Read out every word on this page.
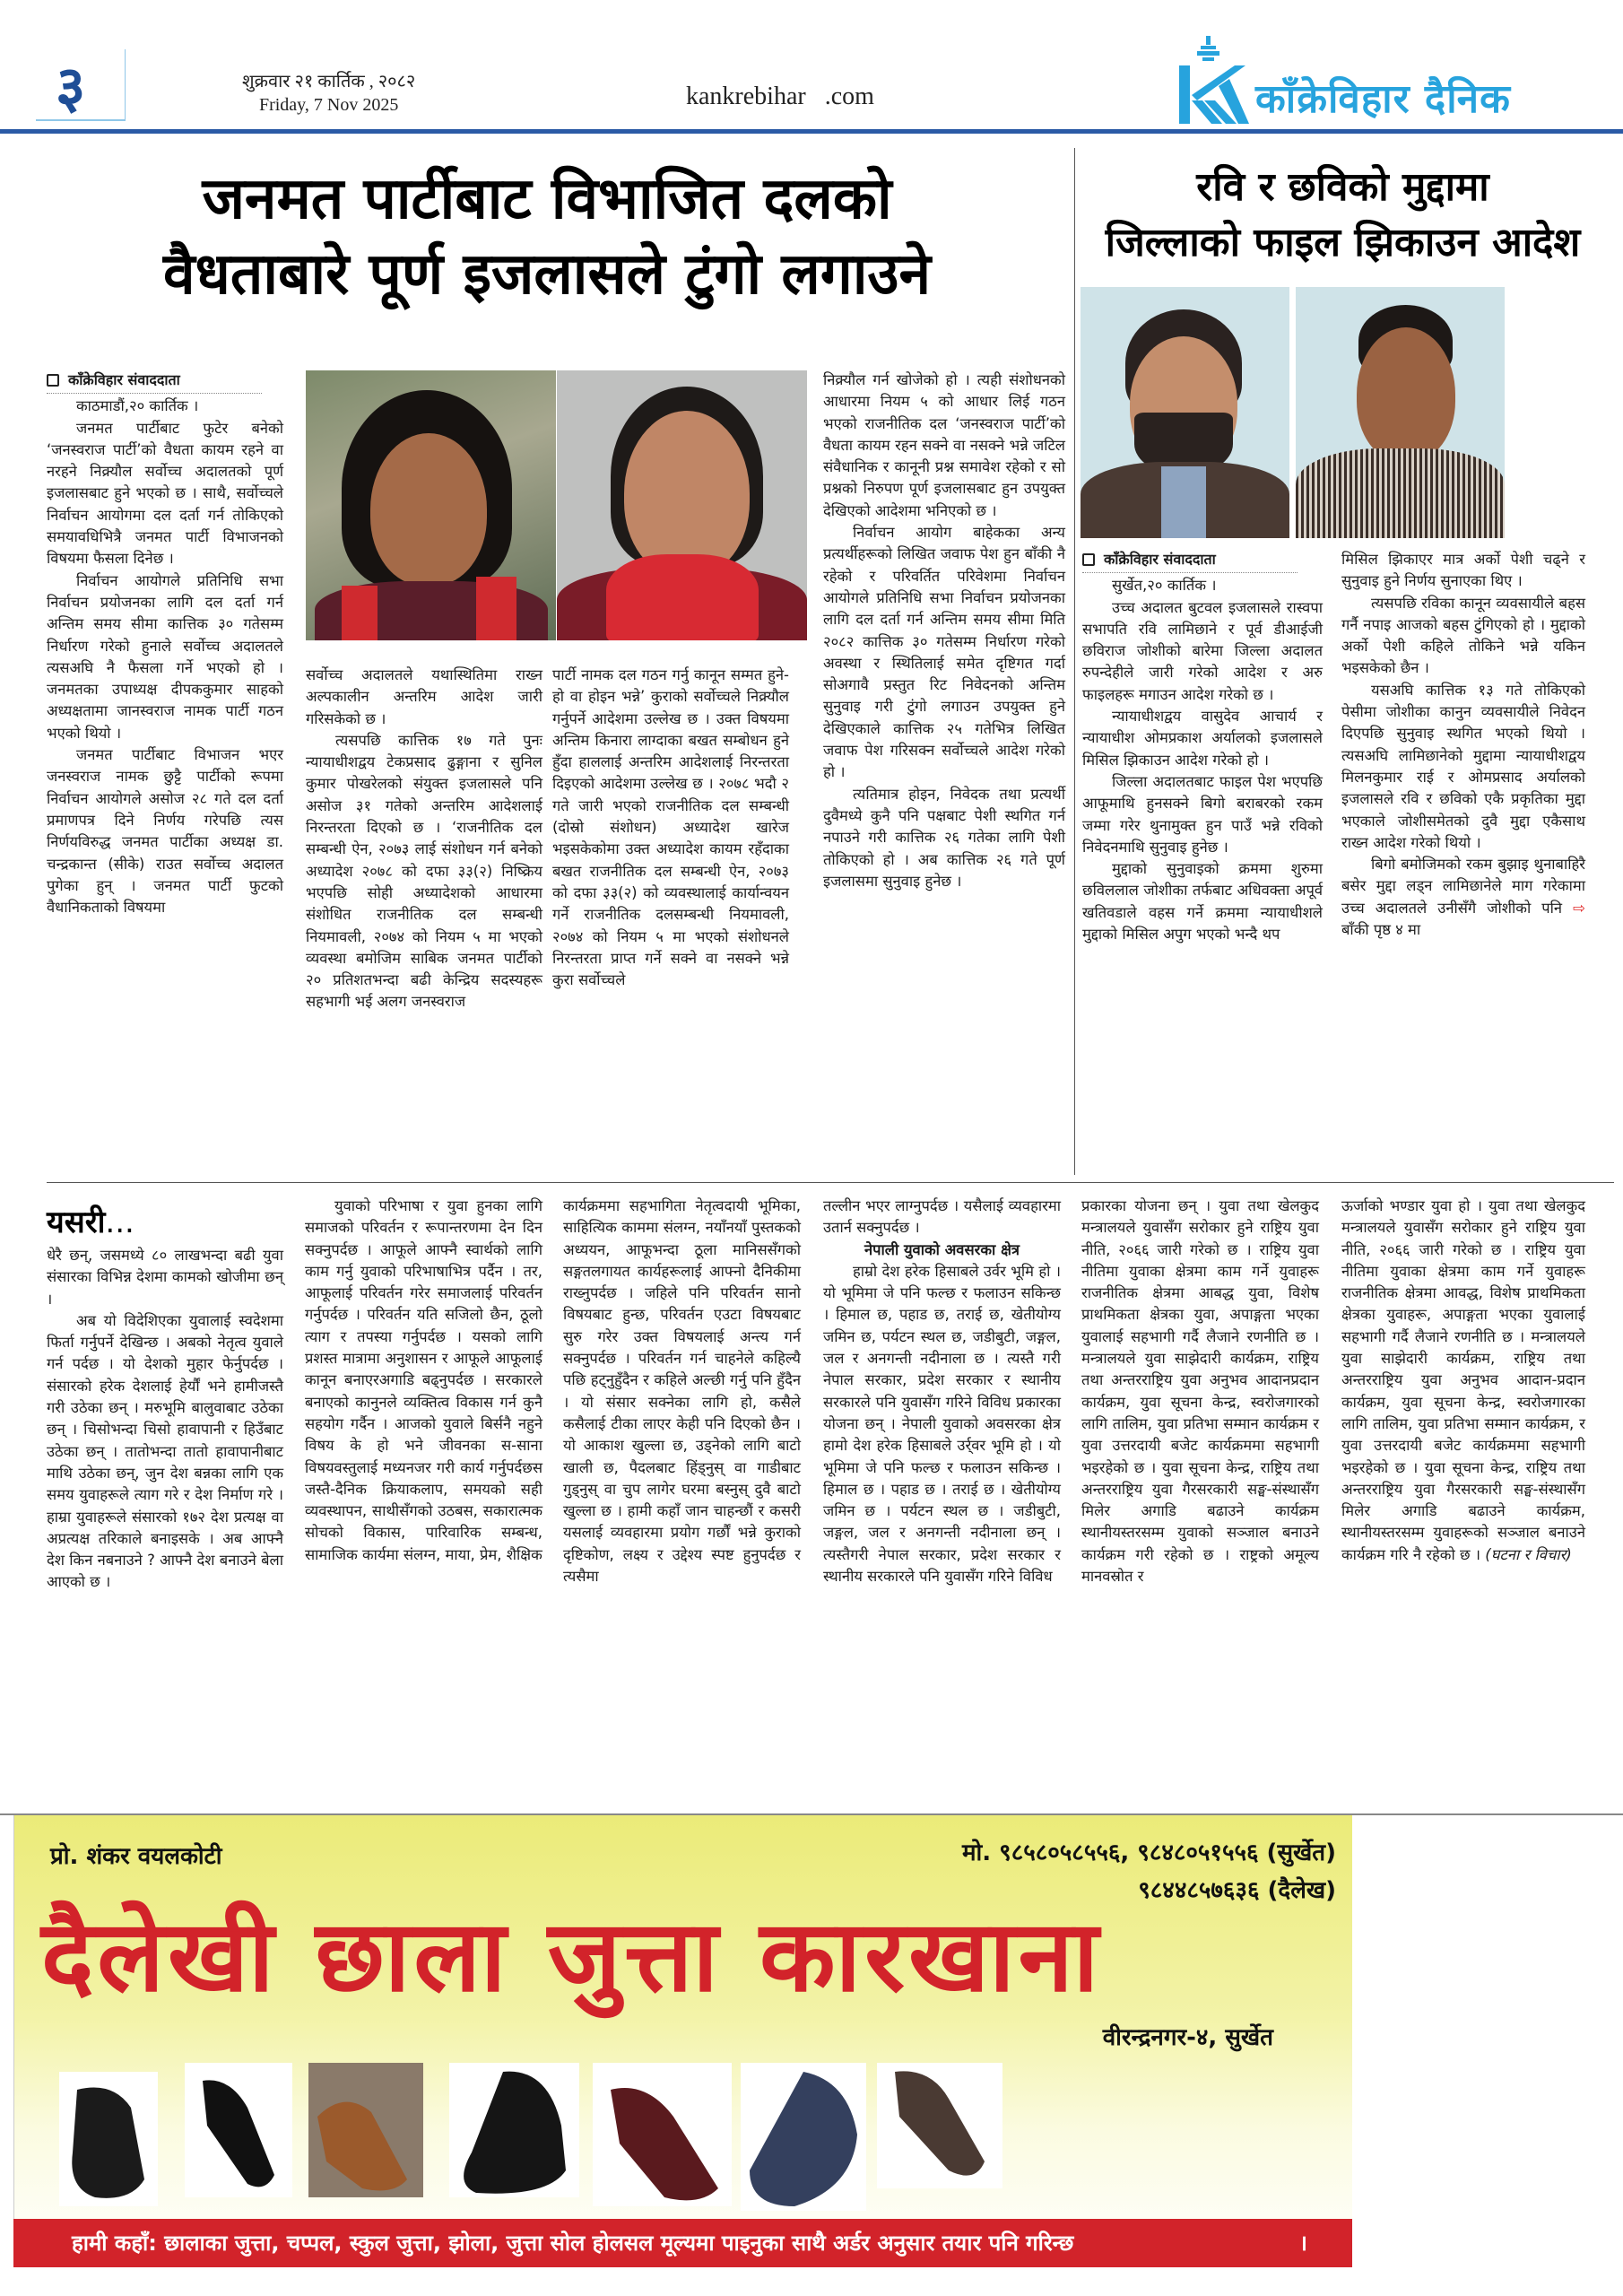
३	शुक्रवार २१ कार्तिक , २०८२
Friday, 7 Nov 2025	kankrebihar   .com	काँक्रेविहार दैनिक
जनमत पार्टीबाट विभाजित दलको
वैधताबारे पूर्ण इजलासले टुंगो लगाउने
काँक्रेविहार संवाददाता
काठमाडौं,२० कार्तिक ।

जनमत पार्टीबाट फुटेर बनेको ‘जनस्वराज पार्टी’को वैधता कायम रहने वा नरहने निक्र्यौल सर्वोच्च अदालतको पूर्ण इजलासबाट हुने भएको छ । साथै, सर्वोच्चले निर्वाचन आयोगमा दल दर्ता गर्न तोकिएको समयावधिभित्रै जनमत पार्टी विभाजनको विषयमा फैसला दिनेछ ।

निर्वाचन आयोगले प्रतिनिधि सभा निर्वाचन प्रयोजनका लागि दल दर्ता गर्न अन्तिम समय सीमा कात्तिक ३० गतेसम्म निर्धारण गरेको हुनाले सर्वोच्च अदालतले त्यसअघि नै फैसला गर्ने भएको हो । जनमतका उपाध्यक्ष दीपककुमार साहको अध्यक्षतामा जानस्वराज नामक पार्टी गठन भएको थियो ।

जनमत पार्टीबाट विभाजन भएर जनस्वराज नामक छुट्टै पार्टीको रूपमा निर्वाचन आयोगले असोज २८ गते दल दर्ता प्रमाणपत्र दिने निर्णय गरेपछि त्यस निर्णयविरुद्ध जनमत पार्टीका अध्यक्ष डा. चन्द्रकान्त (सीके) राउत सर्वोच्च अदालत पुगेका हुन् । जनमत पार्टी फुटको वैधानिकताको विषयमा

सर्वोच्च अदालतले यथास्थितिमा राख्न अल्पकालीन अन्तरिम आदेश जारी गरिसकेको छ ।

त्यसपछि कात्तिक १७ गते पुनः न्यायाधीशद्वय टेकप्रसाद ढुङ्गाना र सुनिल कुमार पोखरेलको संयुक्त इजलासले पनि असोज ३१ गतेको अन्तरिम आदेशलाई निरन्तरता दिएको छ । ‘राजनीतिक दल सम्बन्धी ऐन, २०७३ लाई संशोधन गर्न बनेको अध्यादेश २०७८ को दफा ३३(२) निष्क्रिय भएपछि सोही अध्यादेशको आधारमा संशोधित राजनीतिक दल सम्बन्धी नियमावली, २०७४ को नियम ५ मा भएको व्यवस्था बमोजिम साबिक जनमत पार्टीको २० प्रतिशतभन्दा बढी केन्द्रिय सदस्यहरू सहभागी भई अलग जनस्वराज

पार्टी नामक दल गठन गर्नु कानून सम्मत हुने-हो वा होइन भन्ने’ कुराको सर्वोच्चले निक्र्यौल गर्नुपर्ने आदेशमा उल्लेख छ । उक्त विषयमा अन्तिम किनारा लाग्दाका बखत सम्बोधन हुने हुँदा हाललाई अन्तरिम आदेशलाई निरन्तरता दिइएको आदेशमा उल्लेख छ । २०७८ भदौ २ गते जारी भएको राजनीतिक दल सम्बन्धी (दोस्रो संशोधन) अध्यादेश खारेज भइसकेकोमा उक्त अध्यादेश कायम रहँदाका बखत राजनीतिक दल सम्बन्धी ऐन, २०७३ को दफा ३३(२) को व्यवस्थालाई कार्यान्वयन गर्ने राजनीतिक दलसम्बन्धी नियमावली, २०७४ को नियम ५ मा भएको संशोधनले निरन्तरता प्राप्त गर्ने सक्ने वा नसक्ने भन्ने कुरा सर्वोच्चले

निक्र्यौल गर्न खोजेको हो । त्यही संशोधनको आधारमा नियम ५ को आधार लिई गठन भएको राजनीतिक दल ‘जनस्वराज पार्टी’को वैधता कायम रहन सक्ने वा नसक्ने भन्ने जटिल संवैधानिक र कानूनी प्रश्न समावेश रहेको र सो प्रश्नको निरुपण पूर्ण इजलासबाट हुन उपयुक्त देखिएको आदेशमा भनिएको छ ।

निर्वाचन आयोग बाहेकका अन्य प्रत्यर्थीहरूको लिखित जवाफ पेश हुन बाँकी नै रहेको र परिवर्तित परिवेशमा निर्वाचन आयोगले प्रतिनिधि सभा निर्वाचन प्रयोजनका लागि दल दर्ता गर्न अन्तिम समय सीमा मिति २०८२ कात्तिक ३० गतेसम्म निर्धारण गरेको अवस्था र स्थितिलाई समेत दृष्टिगत गर्दा सोअगावै प्रस्तुत रिट निवेदनको अन्तिम सुनुवाइ गरी टुंगो लगाउन उपयुक्त हुने देखिएकाले कात्तिक २५ गतेभित्र लिखित जवाफ पेश गरिसक्न सर्वोच्चले आदेश गरेको हो ।

त्यतिमात्र होइन, निवेदक तथा प्रत्यर्थी दुवैमध्ये कुनै पनि पक्षबाट पेशी स्थगित गर्न नपाउने गरी कात्तिक २६ गतेका लागि पेशी तोकिएको हो । अब कात्तिक २६ गते पूर्ण इजलासमा सुनुवाइ हुनेछ ।

रवि र छविको मुद्दामा
जिल्लाको फाइल झिकाउन आदेश
काँक्रेविहार संवाददाता
सुर्खेत,२० कार्तिक ।

उच्च अदालत बुटवल इजलासले रास्वपा सभापति रवि लामिछाने र पूर्व डीआईजी छविराज जोशीको बारेमा जिल्ला अदालत रुपन्देहीले जारी गरेको आदेश र अरु फाइलहरू मगाउन आदेश गरेको छ ।

न्यायाधीशद्वय वासुदेव आचार्य र न्यायाधीश ओमप्रकाश अर्यालको इजलासले मिसिल झिकाउन आदेश गरेको हो ।

जिल्ला अदालतबाट फाइल पेश भएपछि आफूमाथि हुनसक्ने बिगो बराबरको रकम जम्मा गरेर थुनामुक्त हुन पाउँ भन्ने रविको निवेदनमाथि सुनुवाइ हुनेछ ।

मुद्दाको सुनुवाइको क्रममा शुरुमा छविललाल जोशीका तर्फबाट अधिवक्ता अपूर्व खतिवडाले वहस गर्ने क्रममा न्यायाधीशले मुद्दाको मिसिल अपुग भएको भन्दै थप

मिसिल झिकाएर मात्र अर्को पेशी चढ्ने र सुनुवाइ हुने निर्णय सुनाएका थिए ।

त्यसपछि रविका कानून व्यवसायीले बहस गर्नै नपाइ आजको बहस टुंगिएको हो । मुद्दाको अर्को पेशी कहिले तोकिने भन्ने यकिन भइसकेको छैन ।

यसअघि कात्तिक १३ गते तोकिएको पेसीमा जोशीका कानुन व्यवसायीले निवेदन दिएपछि सुनुवाइ स्थगित भएको थियो । त्यसअघि लामिछानेको मुद्दामा न्यायाधीशद्वय मिलनकुमार राई र ओमप्रसाद अर्यालको इजलासले रवि र छविको एकै प्रकृतिका मुद्दा भएकाले जोशीसमेतको दुवै मुद्दा एकैसाथ राख्न आदेश गरेको थियो ।

बिगो बमोजिमको रकम बुझाइ थुनाबाहिरै बसेर मुद्दा लड्न लामिछानेले माग गरेकामा उच्च अदालतले उनीसँगै जोशीको पनि ⇨ बाँकी पृष्ठ ४ मा

यसरी...

धेरै छन्, जसमध्ये ८० लाखभन्दा बढी युवा संसारका विभिन्न देशमा कामको खोजीमा छन् ।

अब यो विदेशिएका युवालाई स्वदेशमा फिर्ता गर्नुपर्ने देखिन्छ । अबको नेतृत्व युवाले गर्न पर्दछ । यो देशको मुहार फेर्नुपर्दछ । संसारको हरेक देशलाई हेर्यौं भने हामीजस्तै गरी उठेका छन् । मरुभूमि बालुवाबाट उठेका छन् । चिसोभन्दा चिसो हावापानी र हिउँबाट उठेका छन् । तातोभन्दा तातो हावापानीबाट माथि उठेका छन्, जुन देश बन्नका लागि एक समय युवाहरूले त्याग गरे र देश निर्माण गरे । हाम्रा युवाहरूले संसारको १७२ देश प्रत्यक्ष वा अप्रत्यक्ष तरिकाले बनाइसके । अब आफ्नै देश किन नबनाउने ? आफ्नै देश बनाउने बेला आएको छ ।

युवाको परिभाषा र युवा हुनका लागि समाजको परिवर्तन र रूपान्तरणमा देन दिन सक्नुपर्दछ । आफूले आफ्नै स्वार्थको लागि काम गर्नु युवाको परिभाषाभित्र पर्दैन । तर, आफूलाई परिवर्तन गरेर समाजलाई परिवर्तन गर्नुपर्दछ । परिवर्तन यति सजिलो छैन, ठूलो त्याग र तपस्या गर्नुपर्दछ । यसको लागि प्रशस्त मात्रामा अनुशासन र आफूले आफूलाई कानून बनाएरअगाडि बढ्नुपर्दछ । सरकारले बनाएको कानुनले व्यक्तित्व विकास गर्न कुनै सहयोग गर्दैन । आजको युवाले बिर्सनै नहुने विषय के हो भने जीवनका स-साना विषयवस्तुलाई मध्यनजर गरी कार्य गर्नुपर्दछस जस्तै-दैनिक क्रियाकलाप, समयको सही व्यवस्थापन, साथीसँगको उठबस, सकारात्मक सोचको विकास, पारिवारिक सम्बन्ध, सामाजिक कार्यमा संलग्न, माया, प्रेम, शैक्षिक

कार्यक्रममा सहभागिता नेतृत्वदायी भूमिका, साहित्यिक काममा संलग्न, नयाँनयाँ पुस्तकको अध्ययन, आफूभन्दा ठूला मानिससँगको सङ्गतलगायत कार्यहरूलाई आफ्नो दैनिकीमा राख्नुपर्दछ । जहिले पनि परिवर्तन सानो विषयबाट हुन्छ, परिवर्तन एउटा विषयबाट सुरु गरेर उक्त विषयलाई अन्त्य गर्न सक्नुपर्दछ । परिवर्तन गर्न चाहनेले कहिल्यै पछि हट्नुहुँदैन र कहिले अल्छी गर्नु पनि हुँदैन । यो संसार सक्नेका लागि हो, कसैले कसैलाई टीका लाएर केही पनि दिएको छैन । यो आकाश खुल्ला छ, उड्नेको लागि बाटो खाली छ, पैदलबाट हिंड्नुस् वा गाडीबाट गुड्नुस् वा चुप लागेर घरमा बस्नुस् दुवै बाटो खुल्ला छ । हामी कहाँ जान चाहन्छौं र कसरी यसलाई व्यवहारमा प्रयोग गर्छौं भन्ने कुराको दृष्टिकोण, लक्ष्य र उद्देश्य स्पष्ट हुनुपर्दछ र त्यसैमा

तल्लीन भएर लाग्नुपर्दछ । यसैलाई व्यवहारमा उतार्न सक्नुपर्दछ ।

नेपाली युवाको अवसरका क्षेत्र

हाम्रो देश हरेक हिसाबले उर्वर भूमि हो । यो भूमिमा जे पनि फल्छ र फलाउन सकिन्छ । हिमाल छ, पहाड छ, तराई छ, खेतीयोग्य जमिन छ, पर्यटन स्थल छ, जडीबुटी, जङ्गल, जल र अनगन्ती नदीनाला छ । त्यस्तै गरी नेपाल सरकार, प्रदेश सरकार र स्थानीय सरकारले पनि युवासँग गरिने विविध प्रकारका योजना छन् । नेपाली युवाको अवसरका क्षेत्र हामो देश हरेक हिसाबले उर्र्वर भूमि हो । यो भूमिमा जे पनि फल्छ र फलाउन सकिन्छ । हिमाल छ । पहाड छ । तराई छ । खेतीयोग्य जमिन छ । पर्यटन स्थल छ । जडीबुटी, जङ्गल, जल र अनगन्ती नदीनाला छन् । त्यस्तैगरी नेपाल सरकार, प्रदेश सरकार र स्थानीय सरकारले पनि युवासँग गरिने विविध

प्रकारका योजना छन् । युवा तथा खेलकुद मन्त्रालयले युवासँग सरोकार हुने राष्ट्रिय युवा नीति, २०६६ जारी गरेको छ । राष्ट्रिय युवा नीतिमा युवाका क्षेत्रमा काम गर्ने युवाहरू राजनीतिक क्षेत्रमा आबद्ध युवा, विशेष प्राथमिकता क्षेत्रका युवा, अपाङ्गता भएका युवालाई सहभागी गर्दै लैजाने रणनीति छ । मन्त्रालयले युवा साझेदारी कार्यक्रम, राष्ट्रिय तथा अन्तरराष्ट्रिय युवा अनुभव आदानप्रदान कार्यक्रम, युवा सूचना केन्द्र, स्वरोजगारको लागि तालिम, युवा प्रतिभा सम्मान कार्यक्रम र युवा उत्तरदायी बजेट कार्यक्रममा सहभागी भइरहेको छ । युवा सूचना केन्द्र, राष्ट्रिय तथा अन्तरराष्ट्रिय युवा गैरसरकारी सङ्घ-संस्थासँग मिलेर अगाडि बढाउने कार्यक्रम स्थानीयस्तरसम्म युवाको सञ्जाल बनाउने कार्यक्रम गरी रहेको छ । राष्ट्रको अमूल्य मानवस्रोत र

ऊर्जाको भण्डार युवा हो । युवा तथा खेलकुद मन्त्रालयले युवासँग सरोकार हुने राष्ट्रिय युवा नीति, २०६६ जारी गरेको छ । राष्ट्रिय युवा नीतिमा युवाका क्षेत्रमा काम गर्ने युवाहरू राजनीतिक क्षेत्रमा आवद्ध, विशेष प्राथमिकता क्षेत्रका युवाहरू, अपाङ्गता भएका युवालाई सहभागी गर्दै लैजाने रणनीति छ । मन्त्रालयले युवा साझेदारी कार्यक्रम, राष्ट्रिय तथा अन्तरराष्ट्रिय युवा अनुभव आदान-प्रदान कार्यक्रम, युवा सूचना केन्द्र, स्वरोजगारका लागि तालिम, युवा प्रतिभा सम्मान कार्यक्रम, र युवा उत्तरदायी बजेट कार्यक्रममा सहभागी भइरहेको छ । युवा सूचना केन्द्र, राष्ट्रिय तथा अन्तरराष्ट्रिय युवा गैरसरकारी सङ्घ-संस्थासँग मिलेर अगाडि बढाउने कार्यक्रम, स्थानीयस्तरसम्म युवाहरूको सञ्जाल बनाउने कार्यक्रम गरि नै रहेको छ । (घटना र विचार)

प्रो. शंकर वयलकोटी	मो. ९८५८०५८५५६, ९८४८०५१५५६ (सुर्खेत)
९८४४८५७६३६ (दैलेख)
दैलेखी छाला जुत्ता कारखाना
वीरन्द्रनगर-४, सुर्खेत
हामी कहाँ: छालाका जुत्ता, चप्पल, स्कुल जुत्ता, झोला, जुत्ता सोल होलसल मूल्यमा पाइनुका साथै अर्डर अनुसार तयार पनि गरिन्छ	।
